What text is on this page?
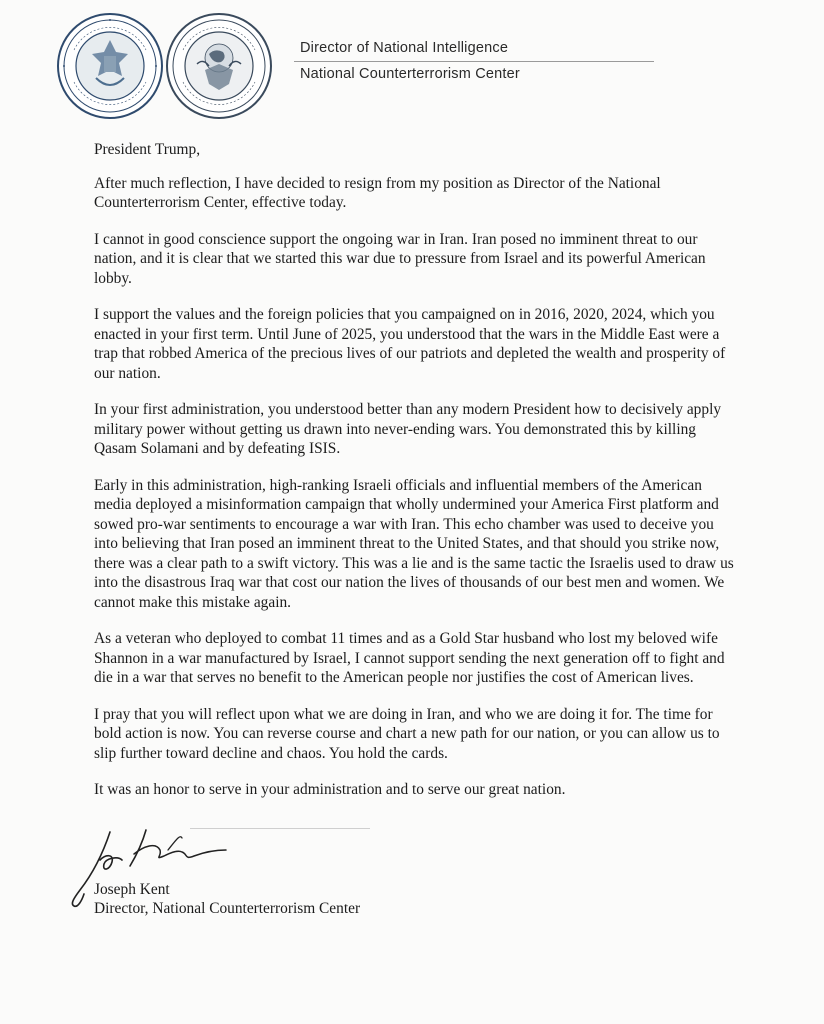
Director of National Intelligence
National Counterterrorism Center

President Trump,

After much reflection, I have decided to resign from my position as Director of the National Counterterrorism Center, effective today.

I cannot in good conscience support the ongoing war in Iran. Iran posed no imminent threat to our nation, and it is clear that we started this war due to pressure from Israel and its powerful American lobby.

I support the values and the foreign policies that you campaigned on in 2016, 2020, 2024, which you enacted in your first term. Until June of 2025, you understood that the wars in the Middle East were a trap that robbed America of the precious lives of our patriots and depleted the wealth and prosperity of our nation.

In your first administration, you understood better than any modern President how to decisively apply military power without getting us drawn into never-ending wars. You demonstrated this by killing Qasam Solamani and by defeating ISIS.

Early in this administration, high-ranking Israeli officials and influential members of the American media deployed a misinformation campaign that wholly undermined your America First platform and sowed pro-war sentiments to encourage a war with Iran. This echo chamber was used to deceive you into believing that Iran posed an imminent threat to the United States, and that should you strike now, there was a clear path to a swift victory. This was a lie and is the same tactic the Israelis used to draw us into the disastrous Iraq war that cost our nation the lives of thousands of our best men and women. We cannot make this mistake again.

As a veteran who deployed to combat 11 times and as a Gold Star husband who lost my beloved wife Shannon in a war manufactured by Israel, I cannot support sending the next generation off to fight and die in a war that serves no benefit to the American people nor justifies the cost of American lives.

I pray that you will reflect upon what we are doing in Iran, and who we are doing it for. The time for bold action is now. You can reverse course and chart a new path for our nation, or you can allow us to slip further toward decline and chaos. You hold the cards.

It was an honor to serve in your administration and to serve our great nation.

Joseph Kent
Director, National Counterterrorism Center
